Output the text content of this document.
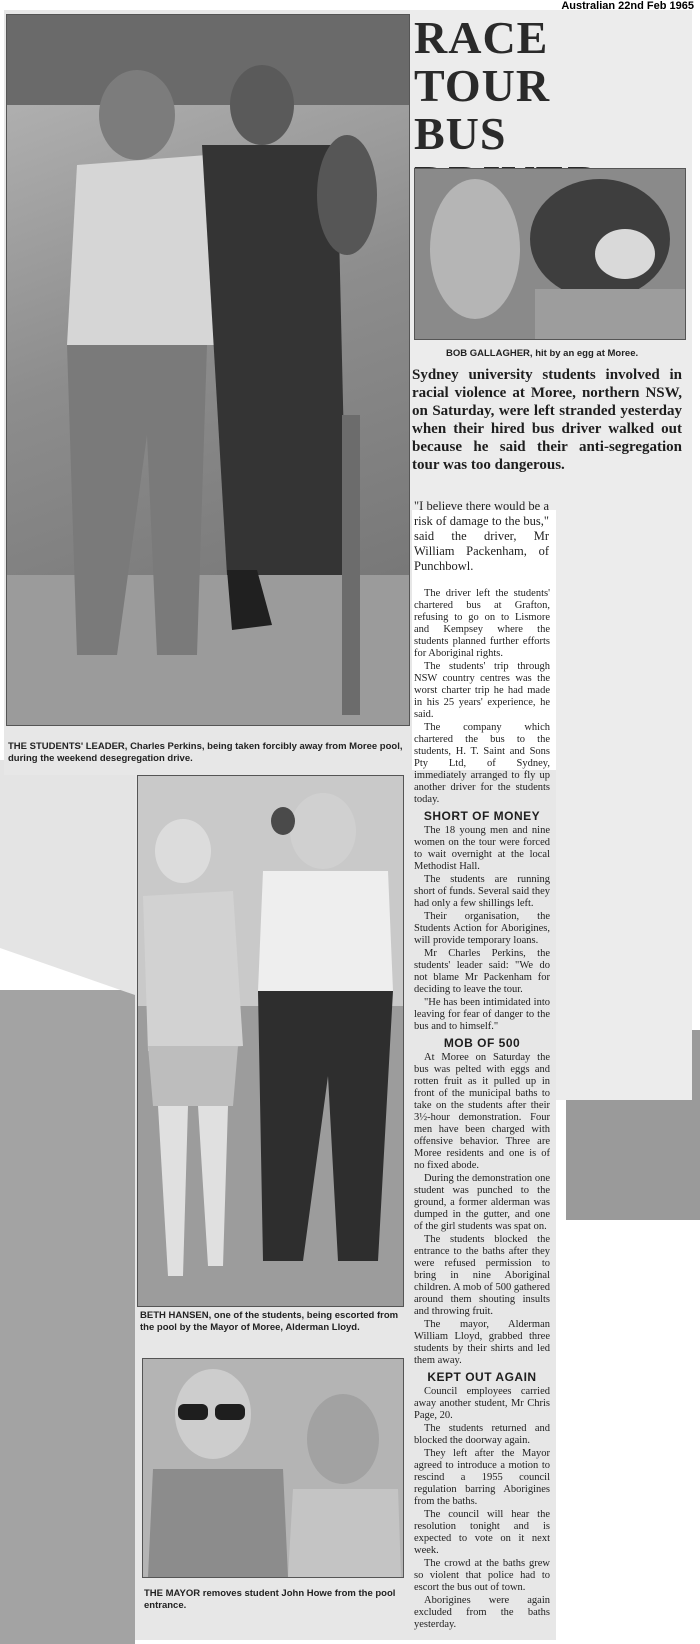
Australian 22nd Feb 1965
THE STUDENTS' LEADER, Charles Perkins, being taken forcibly away from Moree pool, during the weekend desegregation drive.
RACE TOUR
BUS
BOB GALLAGHER, hit by an egg at Moree.

Sydney university students involved in racial violence at Moree, northern NSW, on Saturday, were left stranded yesterday when their hired bus driver walked out because he said their anti-segregation tour was too dangerous.

"I believe there would be a risk of damage to the bus," said the driver, Mr William Packenham, of Punchbowl.

The driver left the students' chartered bus at Grafton, refusing to go on to Lismore and Kempsey where the students planned further efforts for Aboriginal rights.

The students' trip through NSW country centres was the worst charter trip he had made in his 25 years' experience, he said.

The company which chartered the bus to the students, H. T. Saint and Sons Pty Ltd, of Sydney, immediately arranged to fly up another driver for the students today.

SHORT OF MONEY

The 18 young men and nine women on the tour were forced to wait overnight at the local Methodist Hall.

The students are running short of funds. Several said they had only a few shillings left.

Their organisation, the Students Action for Aborigines, will provide temporary loans.

Mr Charles Perkins, the students' leader said: "We do not blame Mr Packenham for deciding to leave the tour.

"He has been intimidated into leaving for fear of danger to the bus and to himself."

MOB OF 500

At Moree on Saturday the bus was pelted with eggs and rotten fruit as it pulled up in front of the municipal baths to take on the students after their 3½-hour demonstration. Four men have been charged with offensive behavior. Three are Moree residents and one is of no fixed abode.

During the demonstration one student was punched to the ground, a former alderman was dumped in the gutter, and one of the girl students was spat on.

The students blocked the entrance to the baths after they were refused permission to bring in nine Aboriginal children. A mob of 500 gathered around them shouting insults and throwing fruit.

The mayor, Alderman William Lloyd, grabbed three students by their shirts and led them away.

KEPT OUT AGAIN

Council employees carried away another student, Mr Chris Page, 20.

The students returned and blocked the doorway again.

They left after the Mayor agreed to introduce a motion to rescind a 1955 council regulation barring Aborigines from the baths.

The council will hear the resolution tonight and is expected to vote on it next week.

The crowd at the baths grew so violent that police had to escort the bus out of town.

Aborigines were again excluded from the baths yesterday.

BETH HANSEN, one of the students, being escorted from the pool by the Mayor of Moree, Alderman Lloyd.
THE MAYOR removes student John Howe from the pool entrance.
